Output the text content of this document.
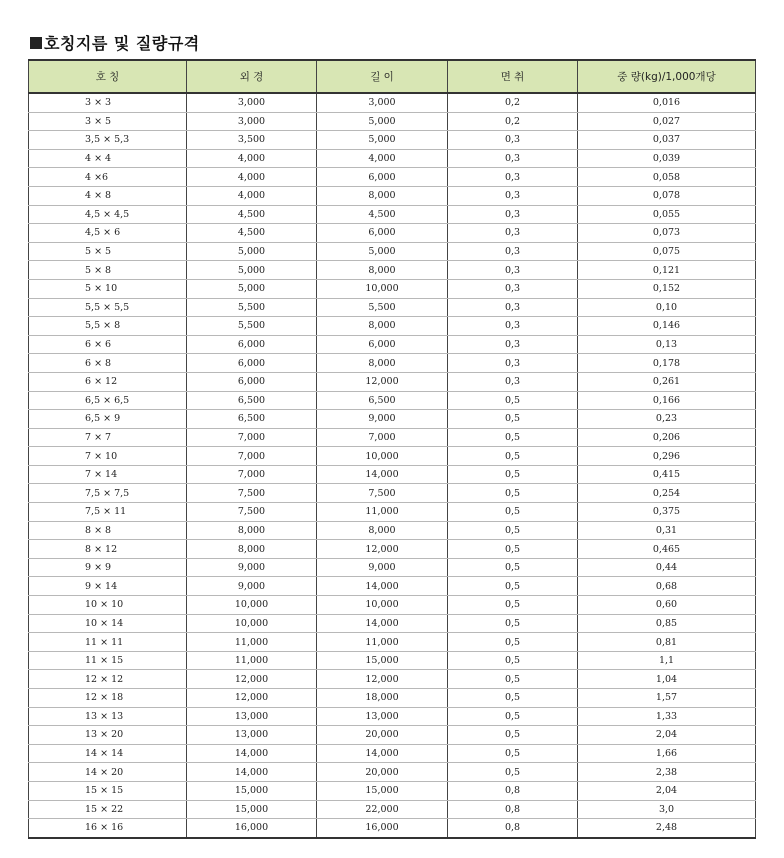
호칭지름 및 질량규격
호 칭	외 경	길 이	면 취	중 량(kg)/1,000개당
3 × 3	3,000	3,000	0,2	0,016
3 × 5	3,000	5,000	0,2	0,027
3,5 × 5,3	3,500	5,000	0,3	0,037
4 × 4	4,000	4,000	0,3	0,039
4 ×6	4,000	6,000	0,3	0,058
4 × 8	4,000	8,000	0,3	0,078
4,5 × 4,5	4,500	4,500	0,3	0,055
4,5 × 6	4,500	6,000	0,3	0,073
5 × 5	5,000	5,000	0,3	0,075
5 × 8	5,000	8,000	0,3	0,121
5 × 10	5,000	10,000	0,3	0,152
5,5 × 5,5	5,500	5,500	0,3	0,10
5,5 × 8	5,500	8,000	0,3	0,146
6 × 6	6,000	6,000	0,3	0,13
6 × 8	6,000	8,000	0,3	0,178
6 × 12	6,000	12,000	0,3	0,261
6,5 × 6,5	6,500	6,500	0,5	0,166
6,5 × 9	6,500	9,000	0,5	0,23
7 × 7	7,000	7,000	0,5	0,206
7 × 10	7,000	10,000	0,5	0,296
7 × 14	7,000	14,000	0,5	0,415
7,5 × 7,5	7,500	7,500	0,5	0,254
7,5 × 11	7,500	11,000	0,5	0,375
8 × 8	8,000	8,000	0,5	0,31
8 × 12	8,000	12,000	0,5	0,465
9 × 9	9,000	9,000	0,5	0,44
9 × 14	9,000	14,000	0,5	0,68
10 × 10	10,000	10,000	0,5	0,60
10 × 14	10,000	14,000	0,5	0,85
11 × 11	11,000	11,000	0,5	0,81
11 × 15	11,000	15,000	0,5	1,1
12 × 12	12,000	12,000	0,5	1,04
12 × 18	12,000	18,000	0,5	1,57
13 × 13	13,000	13,000	0,5	1,33
13 × 20	13,000	20,000	0,5	2,04
14 × 14	14,000	14,000	0,5	1,66
14 × 20	14,000	20,000	0,5	2,38
15 × 15	15,000	15,000	0,8	2,04
15 × 22	15,000	22,000	0,8	3,0
16 × 16	16,000	16,000	0,8	2,48
